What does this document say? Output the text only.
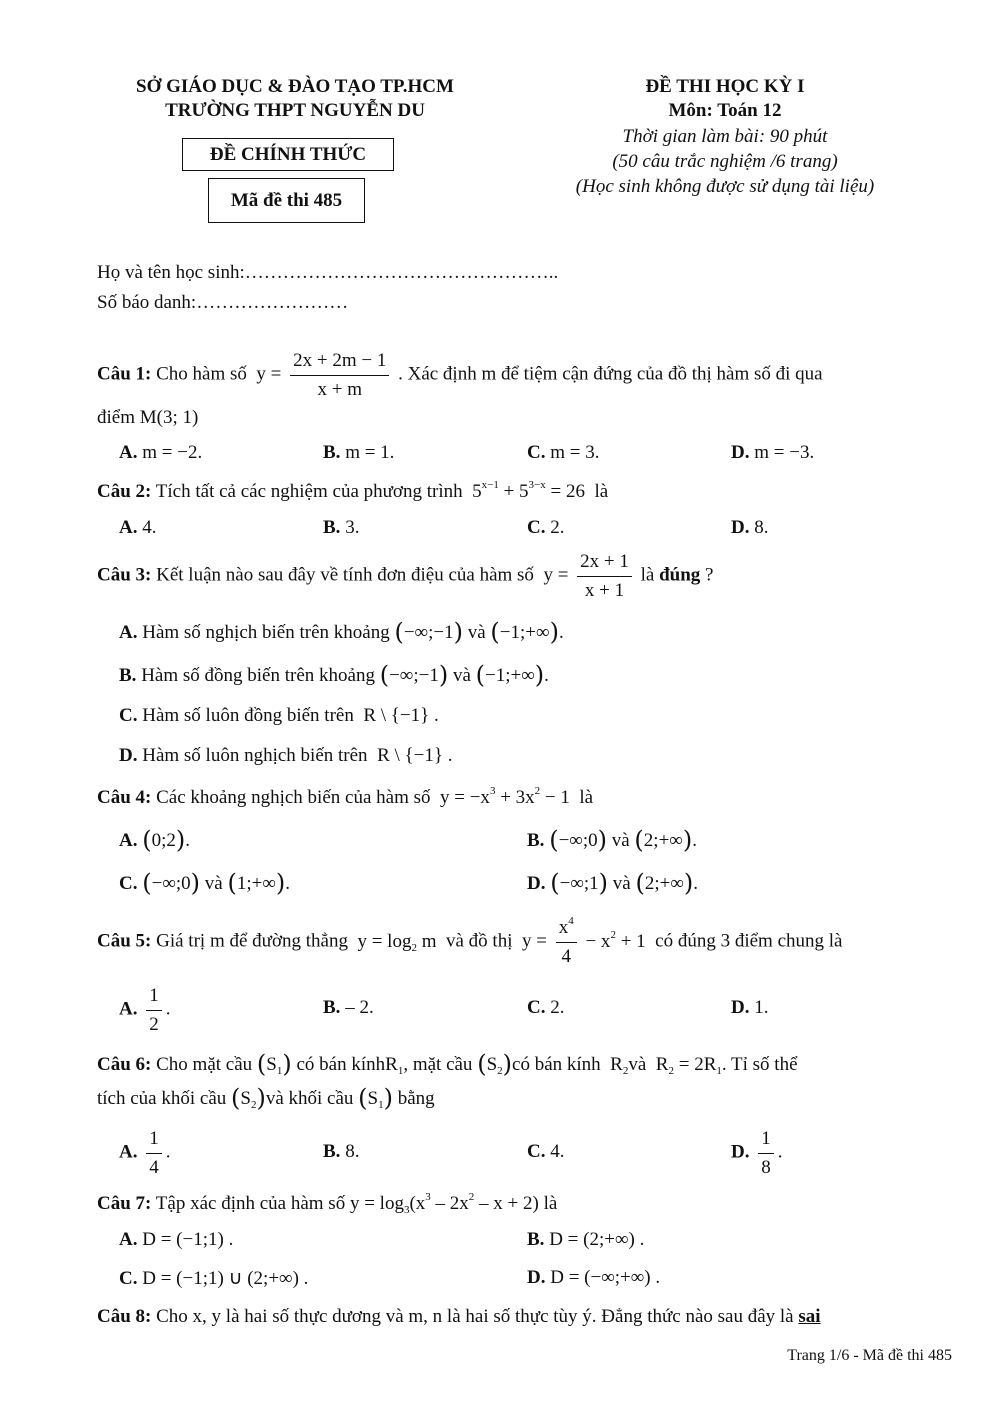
SỞ GIÁO DỤC & ĐÀO TẠO TP.HCM
TRƯỜNG THPT NGUYỄN DU
ĐỀ CHÍNH THỨC
Mã đề thi 485
ĐỀ THI HỌC KỲ I
Môn: Toán 12
Thời gian làm bài: 90 phút
(50 câu trắc nghiệm /6 trang)
(Học sinh không được sử dụng tài liệu)
Họ và tên học sinh:…………………………………………..
Số báo danh:……………………
Câu 1: Cho hàm số  $y = \frac{2x + 2m - 1}{x + m}$ . Xác định m để tiệm cận đứng của đồ thị hàm số đi qua
điểm M(3; 1)
A. m = −2.	B. m = 1.	C. m = 3.	D. m = −3.
Câu 2: Tích tất cả các nghiệm của phương trình  $5^{x-1} + 5^{3-x} = 26$  là
A. 4.	B. 3.	C. 2.	D. 8.
Câu 3: Kết luận nào sau đây về tính đơn điệu của hàm số  $y = \frac{2x + 1}{x + 1}$ là đúng ?
A. Hàm số nghịch biến trên khoảng (−∞;−1) và (−1;+∞).
B. Hàm số đồng biến trên khoảng (−∞;−1) và (−1;+∞).
C. Hàm số luôn đồng biến trên  R \ {−1} .
D. Hàm số luôn nghịch biến trên  R \ {−1} .
Câu 4: Các khoảng nghịch biến của hàm số  $y = -x^3 + 3x^2 - 1$  là
A. (0;2).	B. (−∞;0) và (2;+∞).
C. (−∞;0) và (1;+∞).	D. (−∞;1) và (2;+∞).
Câu 5: Giá trị m để đường thẳng  $y = \log_2 m$  và đồ thị  $y = \frac{x^4}{4} - x^2 + 1$  có đúng 3 điểm chung là
A. $\frac{1}{2}$ .	B. – 2.	C. 2.	D. 1.
Câu 6: Cho mặt cầu $(S_1)$ có bán kínhR$_1$, mặt cầu $(S_2)có$ bán kính  $R_2và$  $R_2 = 2R_1$. Tỉ số thể
tích của khối cầu $(S_2)và$ khối cầu $(S_1)$ bằng
A. $\frac{1}{4}$ .	B. 8.	C. 4.	D. $\frac{1}{8}$ .
Câu 7: Tập xác định của hàm số $y = \log_3(x^3 - 2x^2 - x + 2)$ là
A. D = (−1;1) .	B. D = (2;+∞) .
C. D = (−1;1) ∪ (2;+∞) .	D. D = (−∞;+∞) .
Câu 8: Cho x, y là hai số thực dương và m, n là hai số thực tùy ý. Đẳng thức nào sau đây là sai
Trang 1/6 - Mã đề thi 485
